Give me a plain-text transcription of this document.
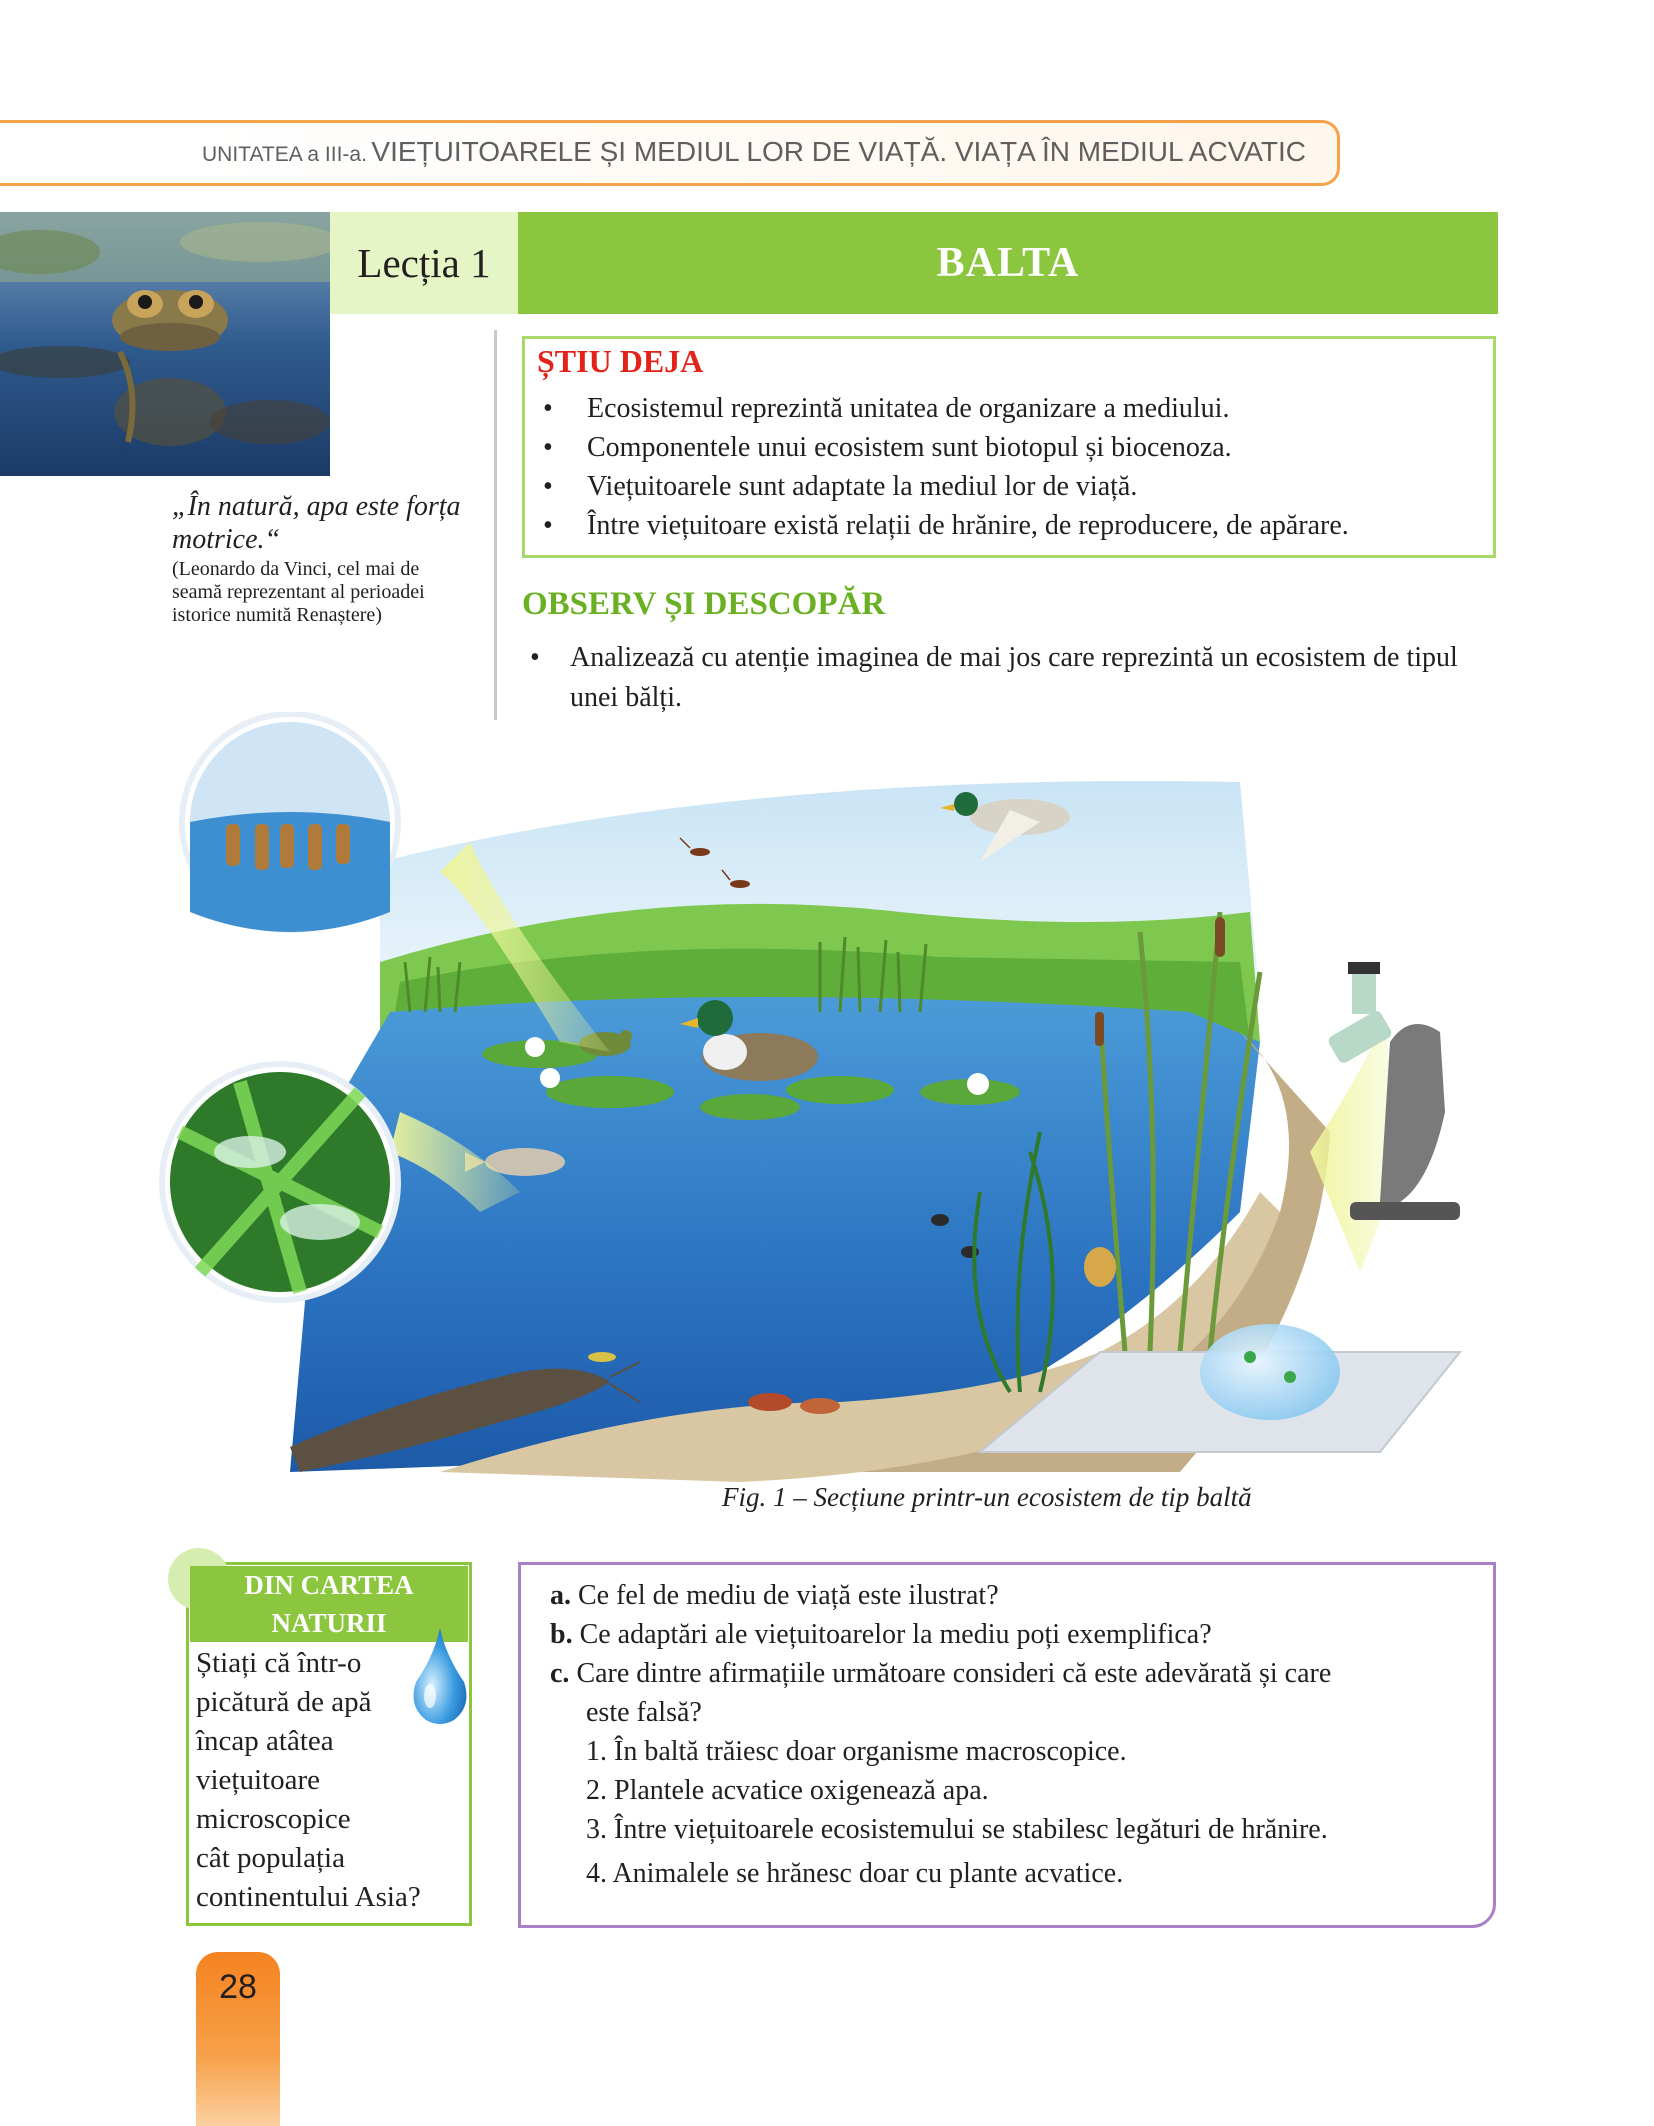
UNITATEA a III-a. VIEȚUITOARELE ȘI MEDIUL LOR DE VIAȚĂ. VIAȚA ÎN MEDIUL ACVATIC
Lecția 1	BALTA
„În natură, apa este forța motrice.“
(Leonardo da Vinci, cel mai de seamă reprezentant al perioadei istorice numită Renaștere)
ȘTIU DEJA
• Ecosistemul reprezintă unitatea de organizare a mediului.
• Componentele unui ecosistem sunt biotopul și biocenoza.
• Viețuitoarele sunt adaptate la mediul lor de viață.
• Între viețuitoare există relații de hrănire, de reproducere, de apărare.
OBSERV ȘI DESCOPĂR
• Analizează cu atenție imaginea de mai jos care reprezintă un ecosistem de tipul unei bălți.
Fig. 1 – Secțiune printr-un ecosistem de tip baltă
DIN CARTEA
NATURII
Știați că într-o
picătură de apă
încap atâtea
viețuitoare
microscopice
cât populația
continentului Asia?
a. Ce fel de mediu de viață este ilustrat?
b. Ce adaptări ale viețuitoarelor la mediu poți exemplifica?
c. Care dintre afirmațiile următoare consideri că este adevărată și care
este falsă?
1. În baltă trăiesc doar organisme macroscopice.
2. Plantele acvatice oxigenează apa.
3. Între viețuitoarele ecosistemului se stabilesc legături de hrănire.
4. Animalele se hrănesc doar cu plante acvatice.
28
